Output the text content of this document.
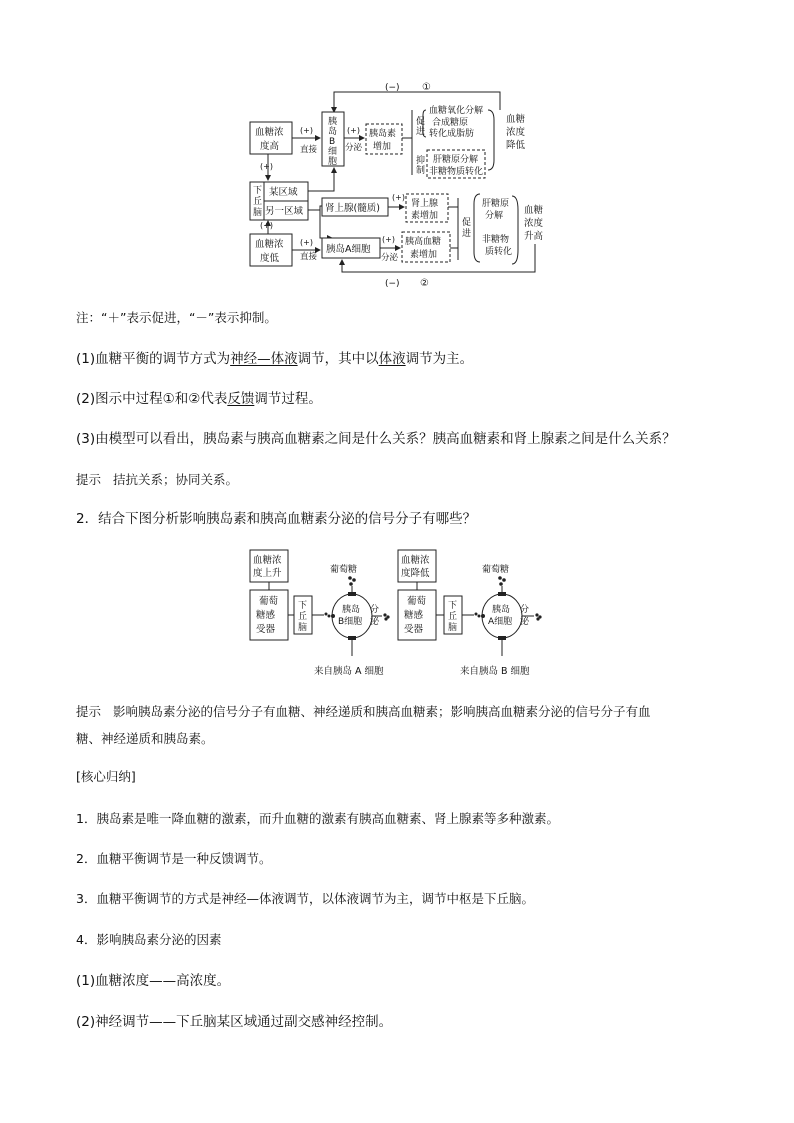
(−) ①
血糖浓
度高
(+)
直接
胰
岛
B
细
胞
(+)
分泌
胰岛素
增加
促
进
抑
制
血糖氧化分解
合成糖原
转化成脂肪
肝糖原分解
非糖物质转化
血糖
浓度
降低
(+)
下
丘
脑
某区域
另一区域 肾上腺(髓质)
(+)
肾上腺
素增加
(+)
血糖浓
度低
(+)
直接
胰岛A细胞
(+)
分泌
胰高血糖
素增加
促
进
肝糖原
分解
非糖物
质转化
血糖
浓度
升高
(−) ②
注：“＋”表示促进，“－”表示抑制。
(1)血糖平衡的调节方式为神经—体液调节，其中以体液调节为主。
(2)图示中过程①和②代表反馈调节过程。
(3)由模型可以看出，胰岛素与胰高血糖素之间是什么关系？胰高血糖素和肾上腺素之间是什么关系？
提示 拮抗关系；协同关系。
2．结合下图分析影响胰岛素和胰高血糖素分泌的信号分子有哪些？
血糖浓
度上升
葡萄
糖感
受器
下
丘
脑
葡萄糖
胰岛
B细胞
分
泌
来自胰岛 A 细胞
血糖浓
度降低
葡萄
糖感
受器
下
丘
脑
葡萄糖
胰岛
A细胞
分
泌
来自胰岛 B 细胞
提示 影响胰岛素分泌的信号分子有血糖、神经递质和胰高血糖素；影响胰高血糖素分泌的信号分子有血
糖、神经递质和胰岛素。
[核心归纳]
1．胰岛素是唯一降血糖的激素，而升血糖的激素有胰高血糖素、肾上腺素等多种激素。
2．血糖平衡调节是一种反馈调节。
3．血糖平衡调节的方式是神经—体液调节，以体液调节为主，调节中枢是下丘脑。
4．影响胰岛素分泌的因素
(1)血糖浓度——高浓度。
(2)神经调节——下丘脑某区域通过副交感神经控制。
